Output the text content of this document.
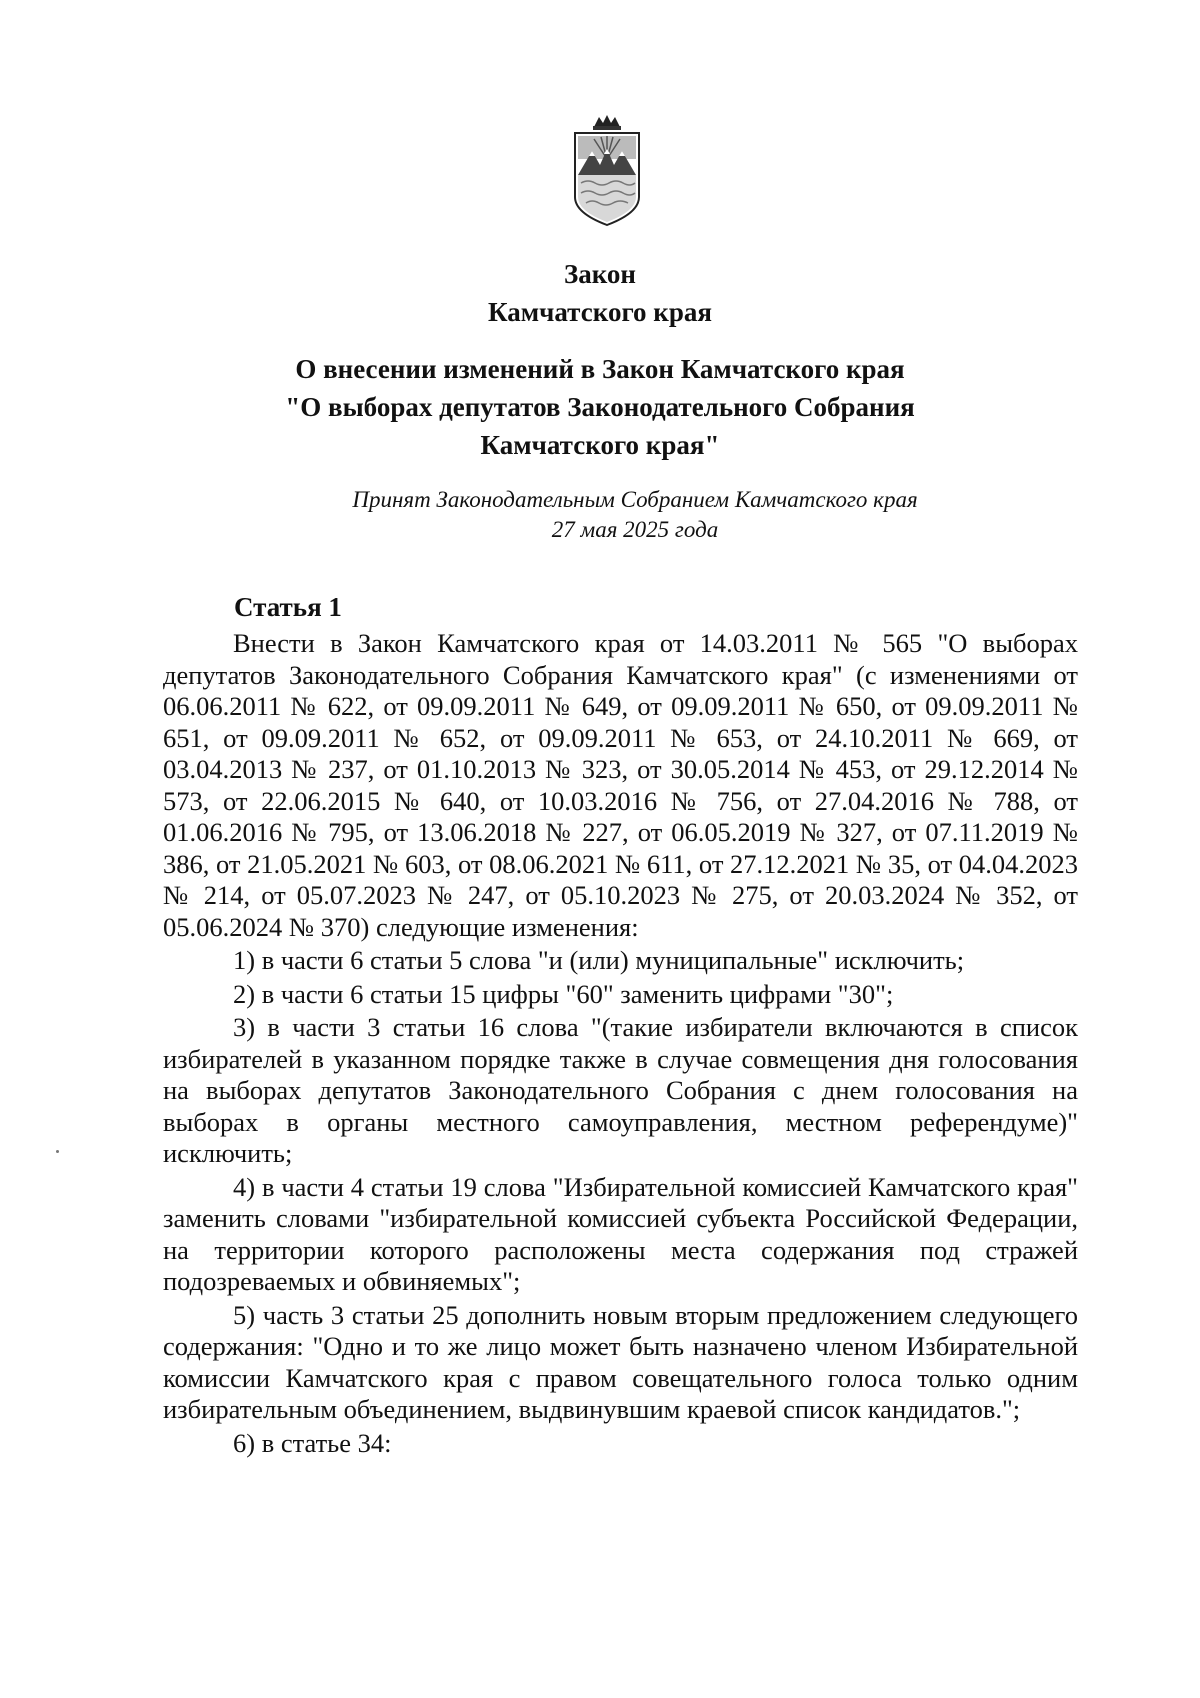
Закон
Камчатского края
О внесении изменений в Закон Камчатского края
"О выборах депутатов Законодательного Собрания
Камчатского края"
Принят Законодательным Собранием Камчатского края
27 мая 2025 года
Статья 1

Внести в Закон Камчатского края от 14.03.2011 № 565 "О выборах депутатов Законодательного Собрания Камчатского края" (с изменениями от 06.06.2011 № 622, от 09.09.2011 № 649, от 09.09.2011 № 650, от 09.09.2011 № 651, от 09.09.2011 № 652, от 09.09.2011 № 653, от 24.10.2011 № 669, от 03.04.2013 № 237, от 01.10.2013 № 323, от 30.05.2014 № 453, от 29.12.2014 № 573, от 22.06.2015 № 640, от 10.03.2016 № 756, от 27.04.2016 № 788, от 01.06.2016 № 795, от 13.06.2018 № 227, от 06.05.2019 № 327, от 07.11.2019 № 386, от 21.05.2021 № 603, от 08.06.2021 № 611, от 27.12.2021 № 35, от 04.04.2023 № 214, от 05.07.2023 № 247, от 05.10.2023 № 275, от 20.03.2024 № 352, от 05.06.2024 № 370) следующие изменения:

1) в части 6 статьи 5 слова "и (или) муниципальные" исключить;

2) в части 6 статьи 15 цифры "60" заменить цифрами "30";

3) в части 3 статьи 16 слова "(такие избиратели включаются в список избирателей в указанном порядке также в случае совмещения дня голосования на выборах депутатов Законодательного Собрания с днем голосования на выборах в органы местного самоуправления, местном референдуме)" исключить;

4) в части 4 статьи 19 слова "Избирательной комиссией Камчатского края" заменить словами "избирательной комиссией субъекта Российской Федерации, на территории которого расположены места содержания под стражей подозреваемых и обвиняемых";

5) часть 3 статьи 25 дополнить новым вторым предложением следующего содержания: "Одно и то же лицо может быть назначено членом Избирательной комиссии Камчатского края с правом совещательного голоса только одним избирательным объединением, выдвинувшим краевой список кандидатов.";

6) в статье 34:
